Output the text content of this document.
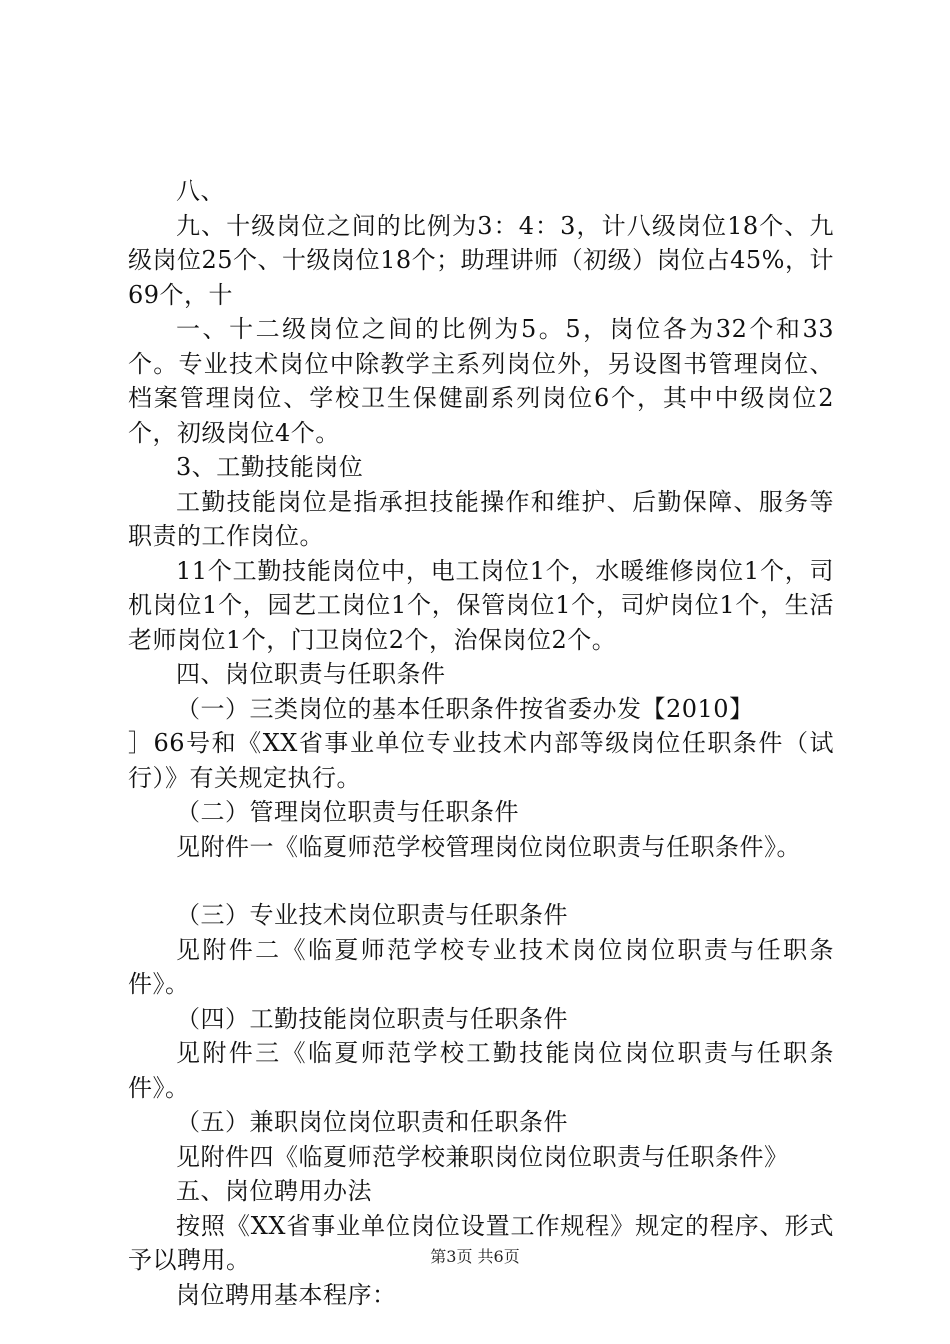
八、

九、十级岗位之间的比例为3：4：3，计八级岗位18个、九级岗位25个、十级岗位18个；助理讲师（初级）岗位占45%，计69个，十

一、十二级岗位之间的比例为5。5，岗位各为32个和33个。专业技术岗位中除教学主系列岗位外，另设图书管理岗位、档案管理岗位、学校卫生保健副系列岗位6个，其中中级岗位2个，初级岗位4个。

3、工勤技能岗位

工勤技能岗位是指承担技能操作和维护、后勤保障、服务等职责的工作岗位。

11个工勤技能岗位中，电工岗位1个，水暖维修岗位1个，司机岗位1个，园艺工岗位1个，保管岗位1个，司炉岗位1个，生活老师岗位1个，门卫岗位2个，治保岗位2个。

四、岗位职责与任职条件

（一）三类岗位的基本任职条件按省委办发【2010】

］66号和《XX省事业单位专业技术内部等级岗位任职条件（试行）》有关规定执行。

（二）管理岗位职责与任职条件

见附件一《临夏师范学校管理岗位岗位职责与任职条件》。

（三）专业技术岗位职责与任职条件

见附件二《临夏师范学校专业技术岗位岗位职责与任职条件》。

（四）工勤技能岗位职责与任职条件

见附件三《临夏师范学校工勤技能岗位岗位职责与任职条件》。

（五）兼职岗位岗位职责和任职条件

见附件四《临夏师范学校兼职岗位岗位职责与任职条件》

五、岗位聘用办法

按照《XX省事业单位岗位设置工作规程》规定的程序、形式予以聘用。

岗位聘用基本程序：

第3页 共6页
